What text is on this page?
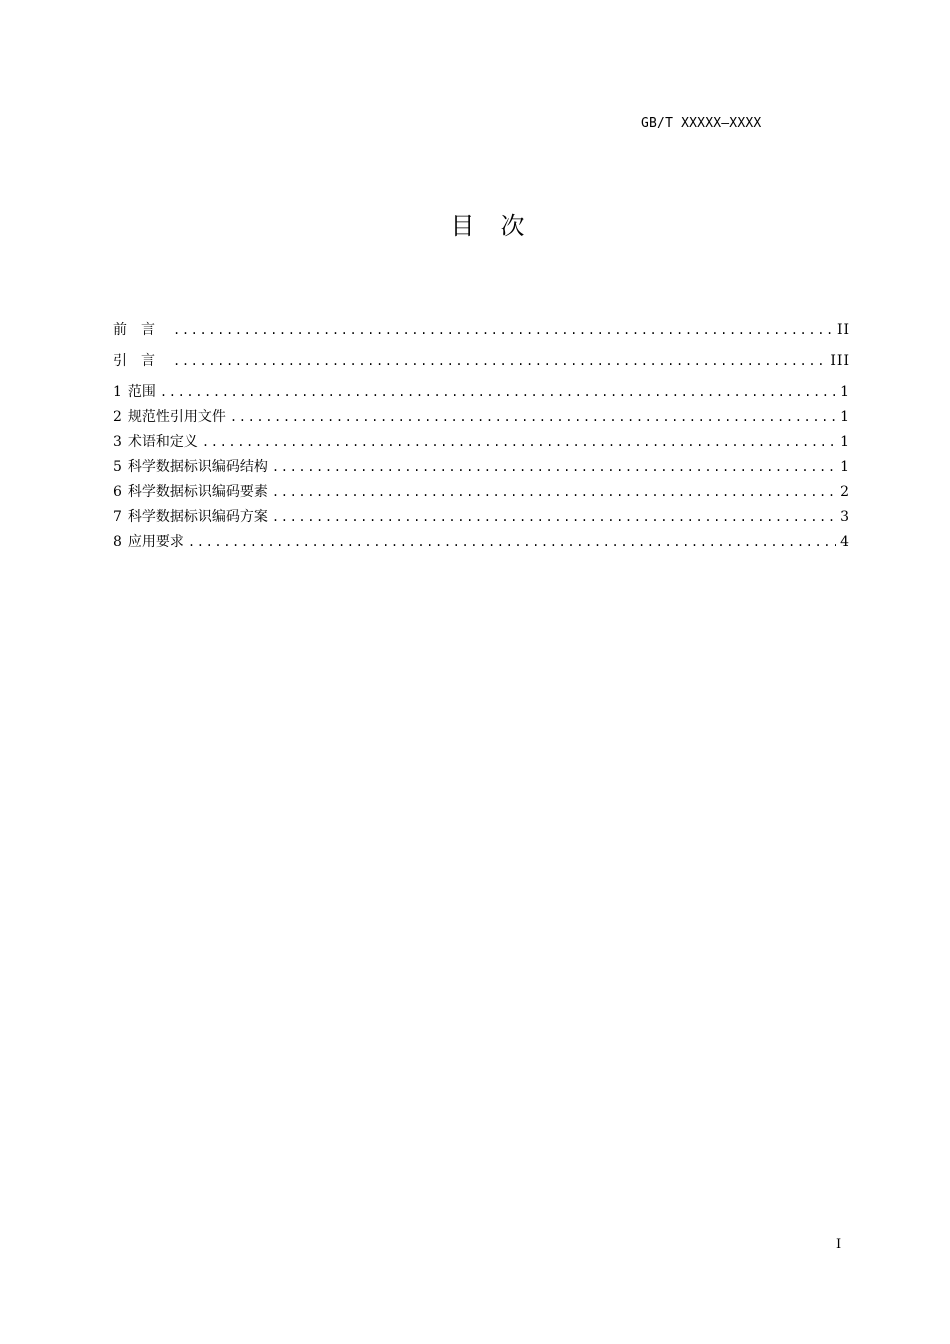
GB/T XXXXX—XXXX
目 次
前言 .....	II
引言 .....	III
1 范围 .....	1
2 规范性引用文件 .....	1
3 术语和定义 .....	1
5 科学数据标识编码结构 .....	1
6 科学数据标识编码要素 .....	2
7 科学数据标识编码方案 .....	3
8 应用要求 .....	4
I
